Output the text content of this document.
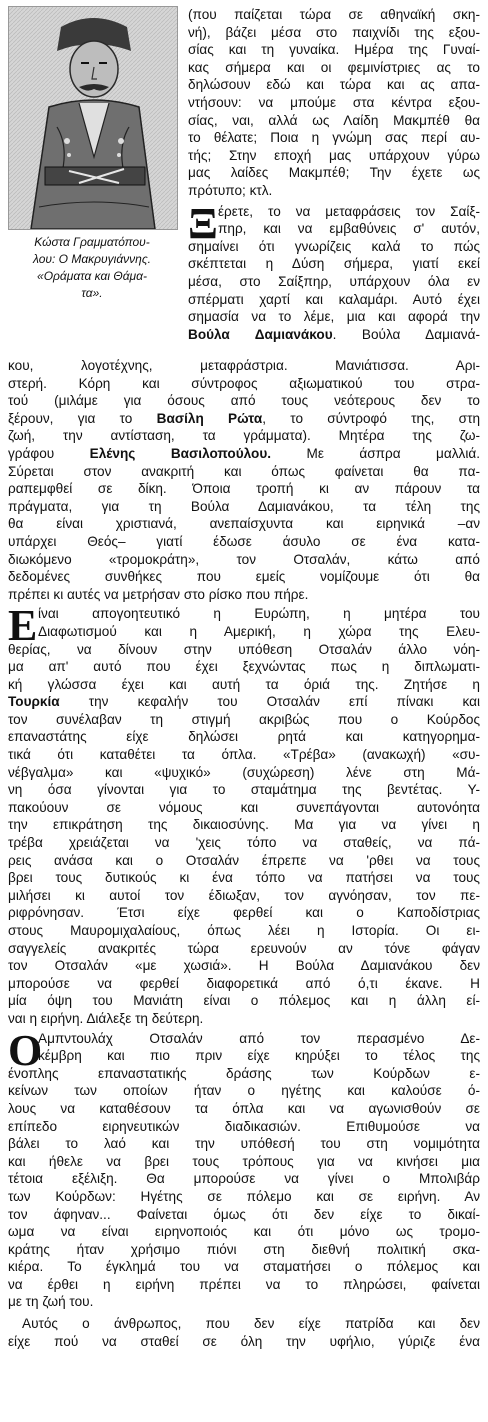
Κώστα Γραμματόπου-
λου: Ο Μακρυγιάννης.
«Οράματα και Θάμα-
τα».
(που παίζεται τώρα σε αθηναϊκή σκη-
νή), βάζει μέσα στο παιχνίδι της εξου-
σίας και τη γυναίκα. Ημέρα της Γυναί-
κας σήμερα και οι φεμινίστριες ας το
δηλώσουν εδώ και τώρα και ας απα-
ντήσουν: να μπούμε στα κέντρα εξου-
σίας, ναι, αλλά ως Λαίδη Μακμπέθ θα
το θέλατε; Ποια η γνώμη σας περί αυ-
τής; Στην εποχή μας υπάρχουν γύρω
μας λαίδες Μακμπέθ; Την έχετε ως
πρότυπο; κτλ.
Ξ έρετε, το να μεταφράσεις τον Σαίξ-
πηρ, και να εμβαθύνεις σ' αυτόν,
σημαίνει ότι γνωρίζεις καλά το πώς
σκέπτεται η Δύση σήμερα, γιατί εκεί
μέσα, στο Σαίξπηρ, υπάρχουν όλα εν
σπέρματι χαρτί και καλαμάρι. Αυτό έχει
σημασία να το λέμε, μια και αφορά την
Βούλα Δαμιανάκου. Βούλα Δαμιανά-
κου, λογοτέχνης, μεταφράστρια. Μανιάτισσα. Αρι-
στερή. Κόρη και σύντροφος αξιωματικού του στρα-
τού (μιλάμε για όσους από τους νεότερους δεν το
ξέρουν, για το Βασίλη Ρώτα, το σύντροφό της, στη
ζωή, την αντίσταση, τα γράμματα). Μητέρα της ζω-
γράφου Ελένης Βασιλοπούλου. Με άσπρα μαλλιά.
Σύρεται στον ανακριτή και όπως φαίνεται θα πα-
ραπεμφθεί σε δίκη. Όποια τροπή κι αν πάρουν τα
πράγματα, για τη Βούλα Δαμιανάκου, τα τέλη της
θα είναι χριστιανά, ανεπαίσχυντα και ειρηνικά –αν
υπάρχει Θεός– γιατί έδωσε άσυλο σε ένα κατα-
διωκόμενο «τρομοκράτη», τον Οτσαλάν, κάτω από
δεδομένες συνθήκες που εμείς νομίζουμε ότι θα
πρέπει κι αυτές να μετρήσαν στο ρίσκο που πήρε.
Ε ίναι απογοητευτικό η Ευρώπη, η μητέρα του
Διαφωτισμού και η Αμερική, η χώρα της Ελευ-
θερίας, να δίνουν στην υπόθεση Οτσαλάν άλλο νόη-
μα απ' αυτό που έχει ξεχνώντας πως η διπλωματι-
κή γλώσσα έχει και αυτή τα όριά της. Ζητήσε η
Τουρκία την κεφαλήν του Οτσαλάν επί πίνακι και
τον συνέλαβαν τη στιγμή ακριβώς που ο Κούρδος
επαναστάτης είχε δηλώσει ρητά και κατηγορημα-
τικά ότι καταθέτει τα όπλα. «Τρέβα» (ανακωχή) «συ-
νέβγαλμα» και «ψυχικό» (συχώρεση) λένε στη Μά-
νη όσα γίνονται για το σταμάτημα της βεντέτας. Υ-
πακούουν σε νόμους και συνεπάγονται αυτονόητα
την επικράτηση της δικαιοσύνης. Μα για να γίνει η
τρέβα χρειάζεται να 'χεις τόπο να σταθείς, να πά-
ρεις ανάσα και ο Οτσαλάν έπρεπε να 'ρθει να τους
βρει τους δυτικούς κι ένα τόπο να πατήσει να τους
μιλήσει κι αυτοί τον έδιωξαν, τον αγνόησαν, τον πε-
ριφρόνησαν. Έτσι είχε φερθεί και ο Καποδίστριας
στους Μαυρομιχαλαίους, όπως λέει η Ιστορία. Οι ει-
σαγγελείς ανακριτές τώρα ερευνούν αν τόνε φάγαν
τον Οτσαλάν «με χωσιά». Η Βούλα Δαμιανάκου δεν
μπορούσε να φερθεί διαφορετικά από ό,τι έκανε. Η
μία όψη του Μανιάτη είναι ο πόλεμος και η άλλη εί-
ναι η ειρήνη. Διάλεξε τη δεύτερη.
Ο
Αμπντουλάχ Οτσαλάν από τον περασμένο Δε-
κέμβρη και πιο πριν είχε κηρύξει το τέλος της
ένοπλης επαναστατικής δράσης των Κούρδων ε-
κείνων των οποίων ήταν ο ηγέτης και καλούσε ό-
λους να καταθέσουν τα όπλα και να αγωνισθούν σε
επίπεδο ειρηνευτικών διαδικασιών. Επιθυμούσε να
βάλει το λαό και την υπόθεσή του στη νομιμότητα
και ήθελε να βρει τους τρόπους για να κινήσει μια
τέτοια εξέλιξη. Θα μπορούσε να γίνει ο Μπολιβάρ
των Κούρδων: Ηγέτης σε πόλεμο και σε ειρήνη. Αν
τον άφηναν... Φαίνεται όμως ότι δεν είχε το δικαί-
ωμα να είναι ειρηνοποιός και ότι μόνο ως τρομο-
κράτης ήταν χρήσιμο πιόνι στη διεθνή πολιτική σκα-
κιέρα. Το έγκλημά του να σταματήσει ο πόλεμος και
να έρθει η ειρήνη πρέπει να το πληρώσει, φαίνεται
με τη ζωή του.
Αυτός ο άνθρωπος, που δεν είχε πατρίδα και δεν
είχε πού να σταθεί σε όλη την υφήλιο, γύριζε ένα
